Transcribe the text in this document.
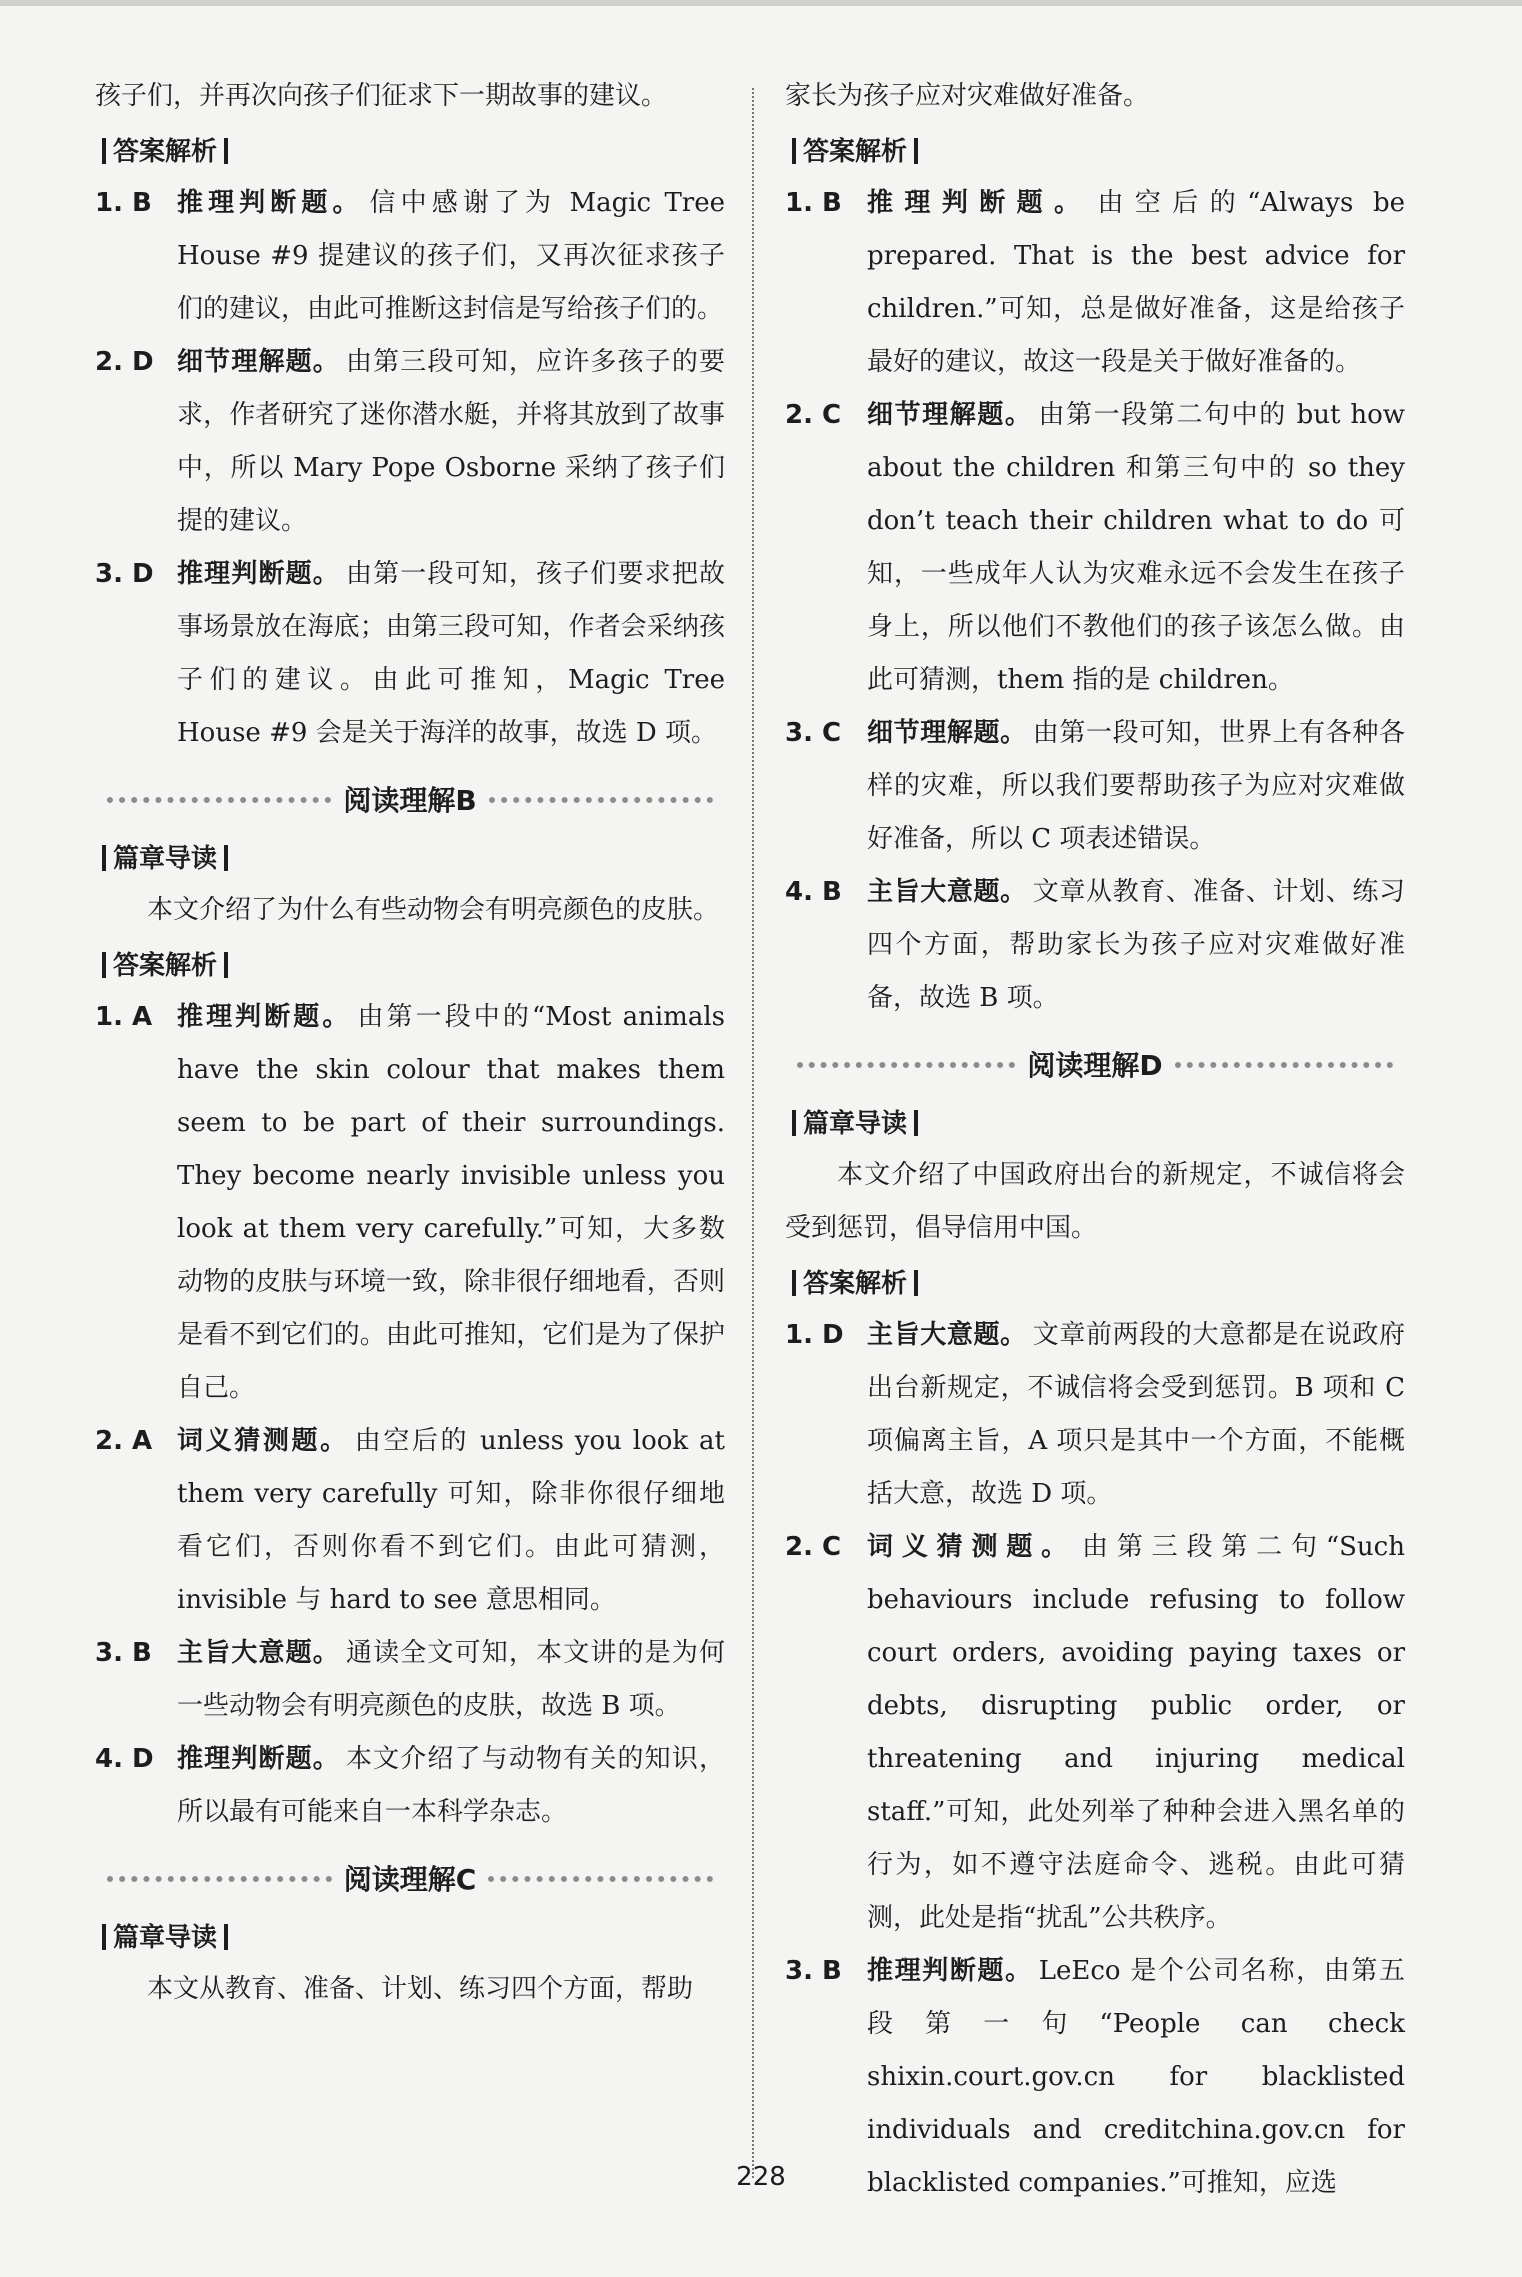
孩子们，并再次向孩子们征求下一期故事的建议。

答案解析

1. B 推理判断题。 信中感谢了为 Magic Tree House #9 提建议的孩子们，又再次征求孩子们的建议，由此可推断这封信是写给孩子们的。

2. D 细节理解题。 由第三段可知，应许多孩子的要求，作者研究了迷你潜水艇，并将其放到了故事中，所以 Mary Pope Osborne 采纳了孩子们提的建议。

3. D 推理判断题。 由第一段可知，孩子们要求把故事场景放在海底；由第三段可知，作者会采纳孩子们的建议。由此可推知，Magic Tree House #9 会是关于海洋的故事，故选 D 项。

阅读理解B
篇章导读

本文介绍了为什么有些动物会有明亮颜色的皮肤。

答案解析

1. A 推理判断题。 由第一段中的“Most animals have the skin colour that makes them seem to be part of their surroundings. They become nearly invisible unless you look at them very carefully.”可知，大多数动物的皮肤与环境一致，除非很仔细地看，否则是看不到它们的。由此可推知，它们是为了保护自己。

2. A 词义猜测题。 由空后的 unless you look at them very carefully 可知，除非你很仔细地看它们，否则你看不到它们。由此可猜测，invisible 与 hard to see 意思相同。

3. B 主旨大意题。 通读全文可知，本文讲的是为何一些动物会有明亮颜色的皮肤，故选 B 项。

4. D 推理判断题。 本文介绍了与动物有关的知识，所以最有可能来自一本科学杂志。

阅读理解C
篇章导读

本文从教育、准备、计划、练习四个方面，帮助

家长为孩子应对灾难做好准备。

答案解析

1. B 推理判断题。 由空后的“Always be prepared. That is the best advice for children.”可知，总是做好准备，这是给孩子最好的建议，故这一段是关于做好准备的。

2. C 细节理解题。 由第一段第二句中的 but how about the children 和第三句中的 so they don’t teach their children what to do 可知，一些成年人认为灾难永远不会发生在孩子身上，所以他们不教他们的孩子该怎么做。由此可猜测，them 指的是 children。

3. C 细节理解题。 由第一段可知，世界上有各种各样的灾难，所以我们要帮助孩子为应对灾难做好准备，所以 C 项表述错误。

4. B 主旨大意题。 文章从教育、准备、计划、练习四个方面，帮助家长为孩子应对灾难做好准备，故选 B 项。

阅读理解D
篇章导读

本文介绍了中国政府出台的新规定，不诚信将会受到惩罚，倡导信用中国。

答案解析

1. D 主旨大意题。 文章前两段的大意都是在说政府出台新规定，不诚信将会受到惩罚。B 项和 C 项偏离主旨，A 项只是其中一个方面，不能概括大意，故选 D 项。

2. C 词义猜测题。 由第三段第二句“Such behaviours include refusing to follow court orders, avoiding paying taxes or debts, disrupting public order, or threatening and injuring medical staff.”可知，此处列举了种种会进入黑名单的行为，如不遵守法庭命令、逃税。由此可猜测，此处是指“扰乱”公共秩序。

3. B 推理判断题。 LeEco 是个公司名称，由第五段第一句“People can check shixin.court.gov.cn for blacklisted individuals and creditchina.gov.cn for blacklisted companies.”可推知，应选

228
